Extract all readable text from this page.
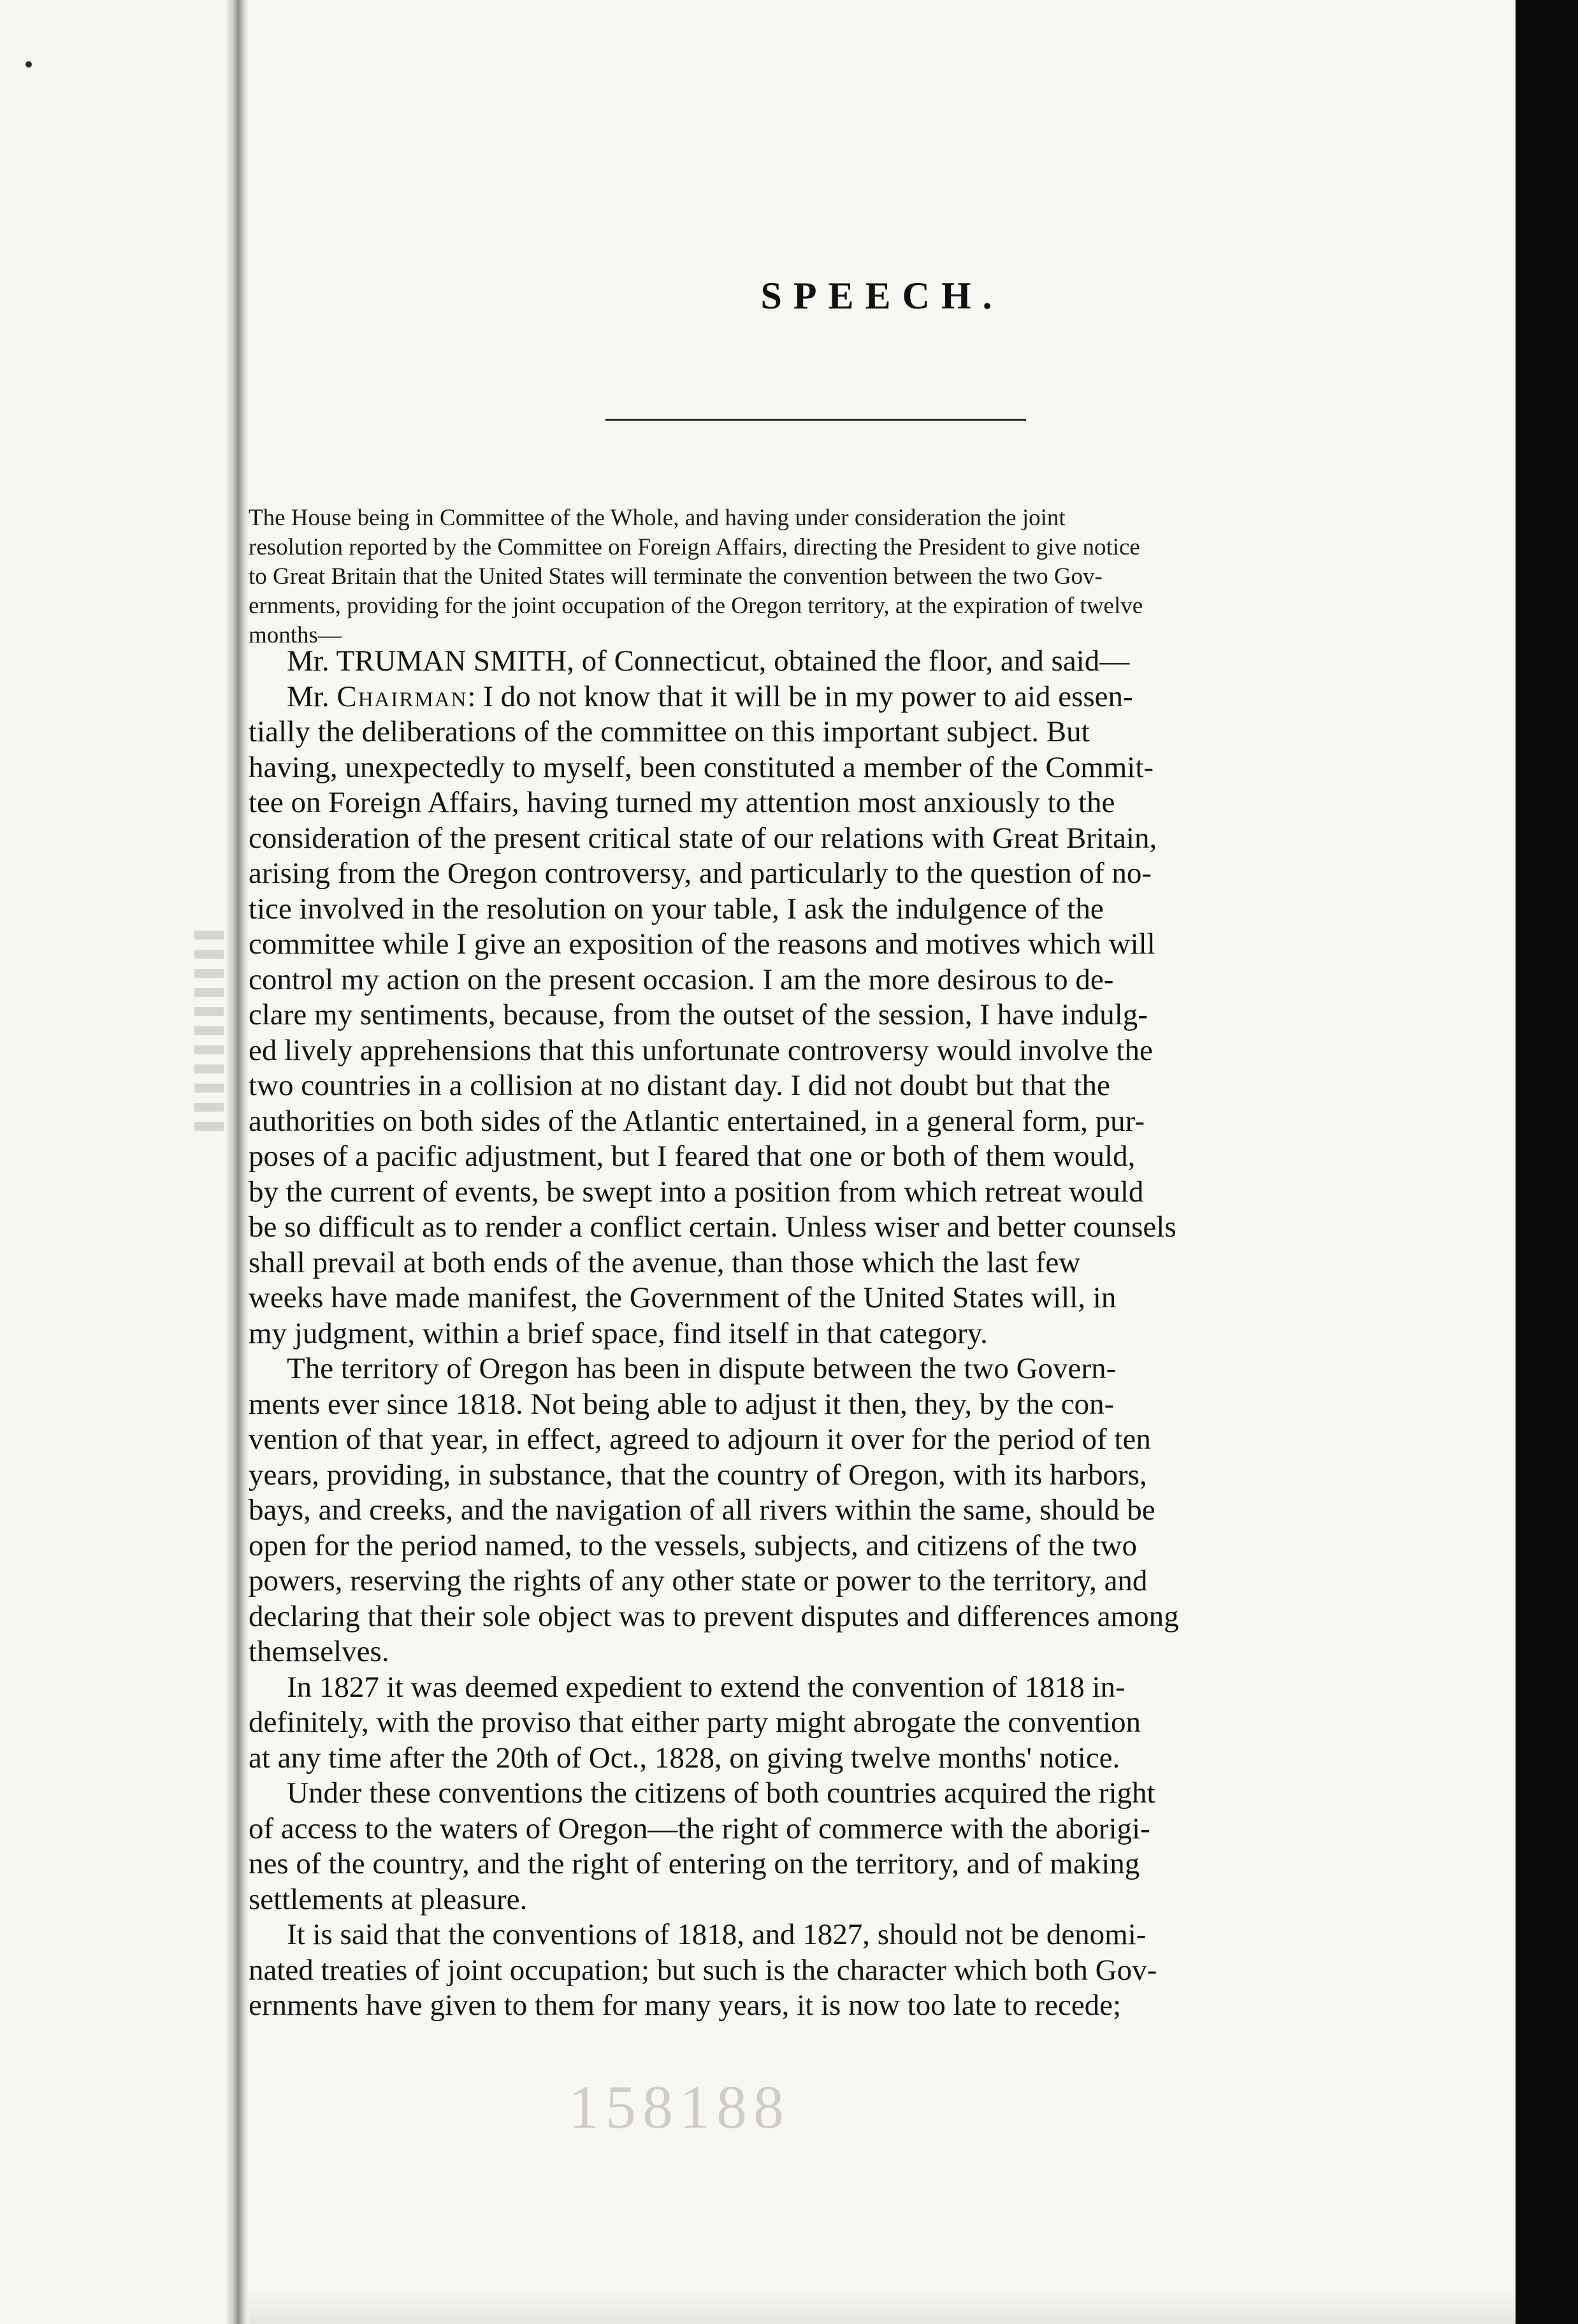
SPEECH.
The House being in Committee of the Whole, and having under consideration the joint
resolution reported by the Committee on Foreign Affairs, directing the President to give notice
to Great Britain that the United States will terminate the convention between the two Gov-
ernments, providing for the joint occupation of the Oregon territory, at the expiration of twelve
months—
Mr. TRUMAN SMITH, of Connecticut, obtained the floor, and said—
Mr. Chairman: I do not know that it will be in my power to aid essen-
tially the deliberations of the committee on this important subject. But
having, unexpectedly to myself, been constituted a member of the Commit-
tee on Foreign Affairs, having turned my attention most anxiously to the
consideration of the present critical state of our relations with Great Britain,
arising from the Oregon controversy, and particularly to the question of no-
tice involved in the resolution on your table, I ask the indulgence of the
committee while I give an exposition of the reasons and motives which will
control my action on the present occasion. I am the more desirous to de-
clare my sentiments, because, from the outset of the session, I have indulg-
ed lively apprehensions that this unfortunate controversy would involve the
two countries in a collision at no distant day. I did not doubt but that the
authorities on both sides of the Atlantic entertained, in a general form, pur-
poses of a pacific adjustment, but I feared that one or both of them would,
by the current of events, be swept into a position from which retreat would
be so difficult as to render a conflict certain. Unless wiser and better counsels
shall prevail at both ends of the avenue, than those which the last few
weeks have made manifest, the Government of the United States will, in
my judgment, within a brief space, find itself in that category.
The territory of Oregon has been in dispute between the two Govern-
ments ever since 1818. Not being able to adjust it then, they, by the con-
vention of that year, in effect, agreed to adjourn it over for the period of ten
years, providing, in substance, that the country of Oregon, with its harbors,
bays, and creeks, and the navigation of all rivers within the same, should be
open for the period named, to the vessels, subjects, and citizens of the two
powers, reserving the rights of any other state or power to the territory, and
declaring that their sole object was to prevent disputes and differences among
themselves.
In 1827 it was deemed expedient to extend the convention of 1818 in-
definitely, with the proviso that either party might abrogate the convention
at any time after the 20th of Oct., 1828, on giving twelve months' notice.
Under these conventions the citizens of both countries acquired the right
of access to the waters of Oregon—the right of commerce with the aborigi-
nes of the country, and the right of entering on the territory, and of making
settlements at pleasure.
It is said that the conventions of 1818, and 1827, should not be denomi-
nated treaties of joint occupation; but such is the character which both Gov-
ernments have given to them for many years, it is now too late to recede;

158188
